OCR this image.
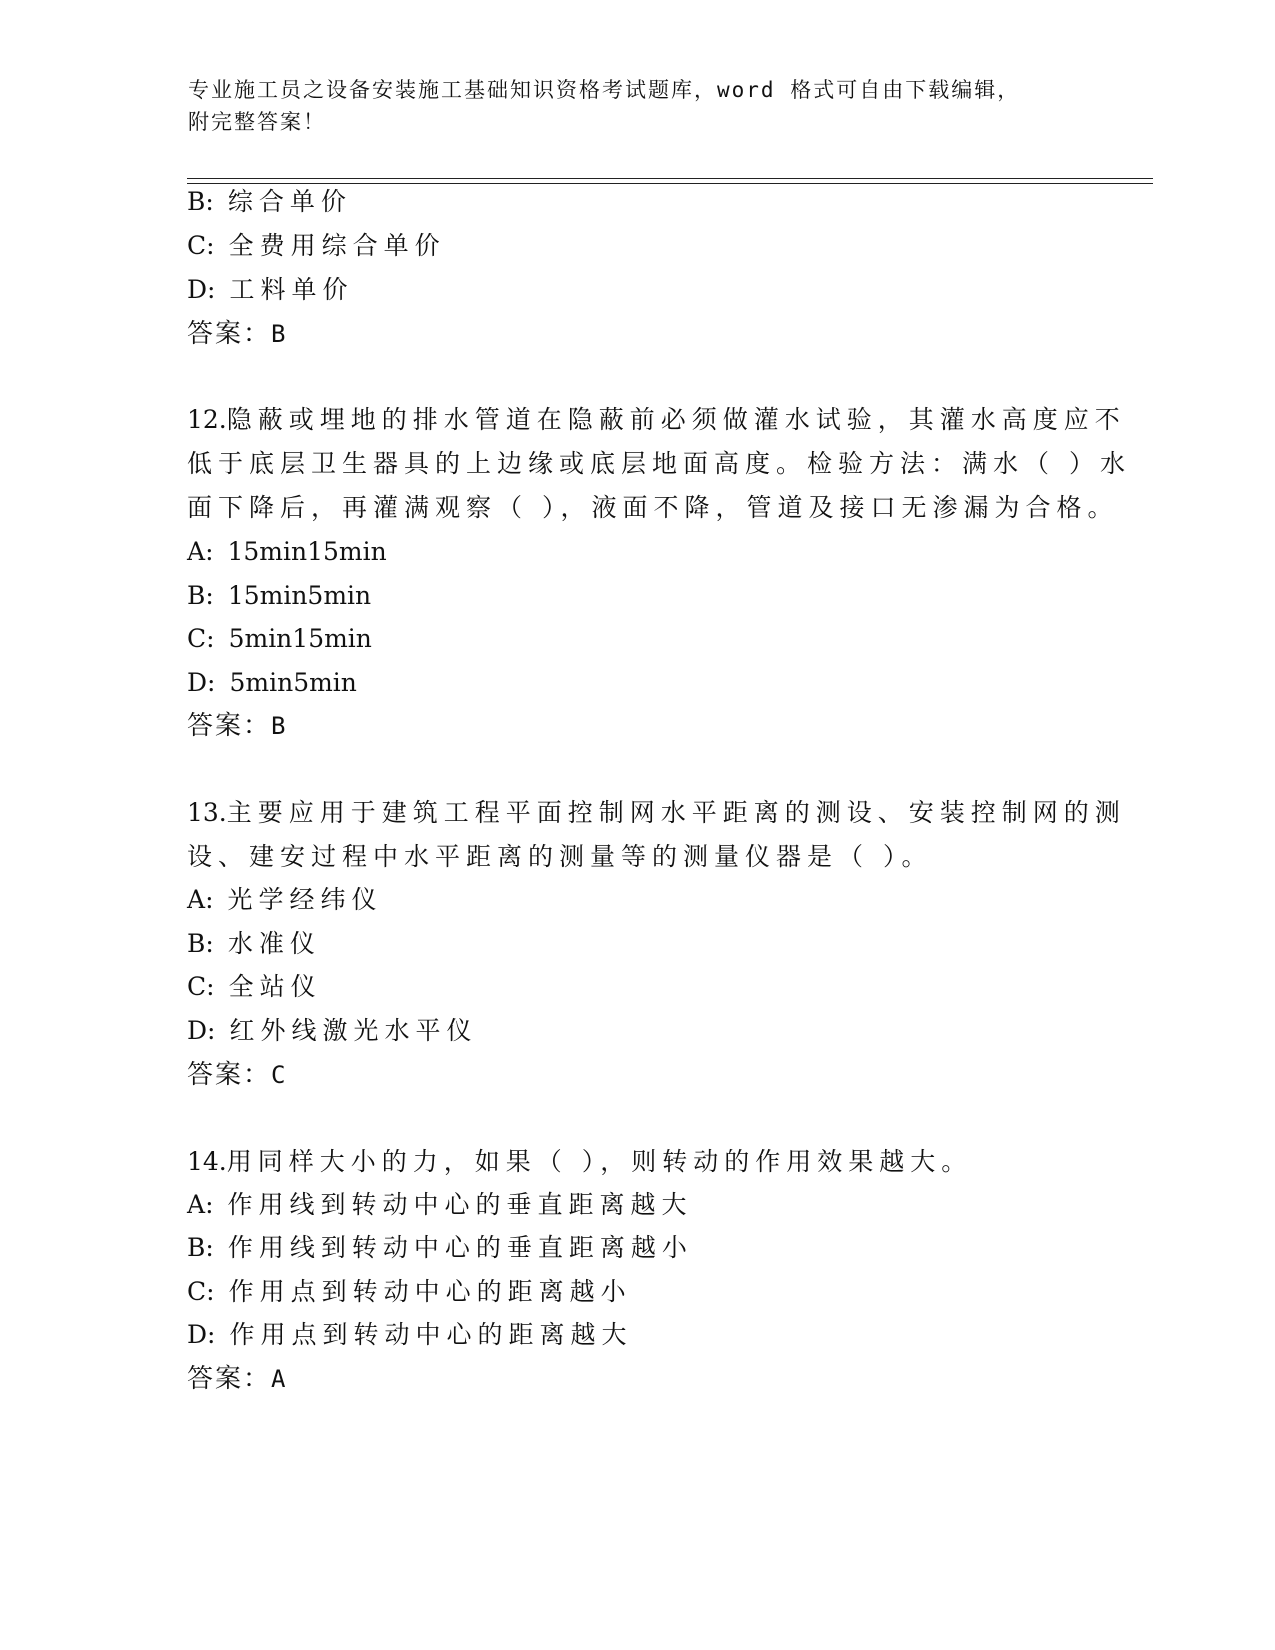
专业施工员之设备安装施工基础知识资格考试题库，word 格式可自由下载编辑，
附完整答案！
B: 综合单价
C: 全费用综合单价
D: 工料单价
答案：B
12.隐蔽或埋地的排水管道在隐蔽前必须做灌水试验，其灌水高度应不
低于底层卫生器具的上边缘或底层地面高度。检验方法：满水（ ）水
面下降后，再灌满观察（ ），液面不降，管道及接口无渗漏为合格。
A: 15min15min
B: 15min5min
C: 5min15min
D: 5min5min
答案：B
13.主要应用于建筑工程平面控制网水平距离的测设、安装控制网的测
设、建安过程中水平距离的测量等的测量仪器是（ ）。
A: 光学经纬仪
B: 水准仪
C: 全站仪
D: 红外线激光水平仪
答案：C
14.用同样大小的力，如果（ ），则转动的作用效果越大。
A: 作用线到转动中心的垂直距离越大
B: 作用线到转动中心的垂直距离越小
C: 作用点到转动中心的距离越小
D: 作用点到转动中心的距离越大
答案：A
